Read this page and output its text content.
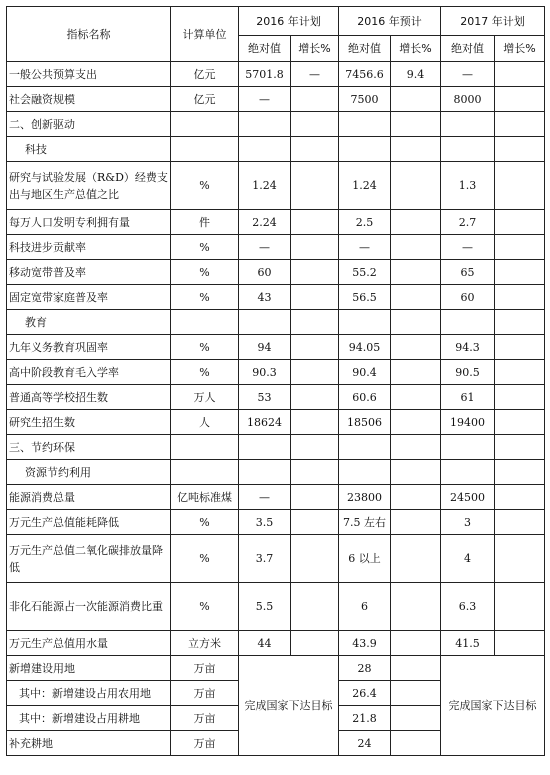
指标名称	计算单位	2016 年计划		2016 年预计		2017 年计划	
		绝对值	增长%	绝对值	增长%	绝对值	增长%
一般公共预算支出	亿元	5701.8	—	7456.6	9.4	—	
社会融资规模	亿元	—		7500		8000	
二、创新驱动							
科技							
研究与试验发展（R&D）经费支出与地区生产总值之比	%	1.24		1.24		1.3	
每万人口发明专利拥有量	件	2.24		2.5		2.7	
科技进步贡献率	%	—		—		—	
移动宽带普及率	%	60		55.2		65	
固定宽带家庭普及率	%	43		56.5		60	
教育							
九年义务教育巩固率	%	94		94.05		94.3	
高中阶段教育毛入学率	%	90.3		90.4		90.5	
普通高等学校招生数	万人	53		60.6		61	
研究生招生数	人	18624		18506		19400	
三、节约环保							
资源节约利用							
能源消费总量	亿吨标准煤	—		23800		24500	
万元生产总值能耗降低	%	3.5		7.5 左右		3	
万元生产总值二氧化碳排放量降低	%	3.7		6 以上		4	
非化石能源占一次能源消费比重	%	5.5		6		6.3	
万元生产总值用水量	立方米	44		43.9		41.5	
新增建设用地	万亩	完成国家下达目标		28		完成国家下达目标	
其中：新增建设占用农用地	万亩			26.4			
其中：新增建设占用耕地	万亩			21.8			
补充耕地	万亩			24			
